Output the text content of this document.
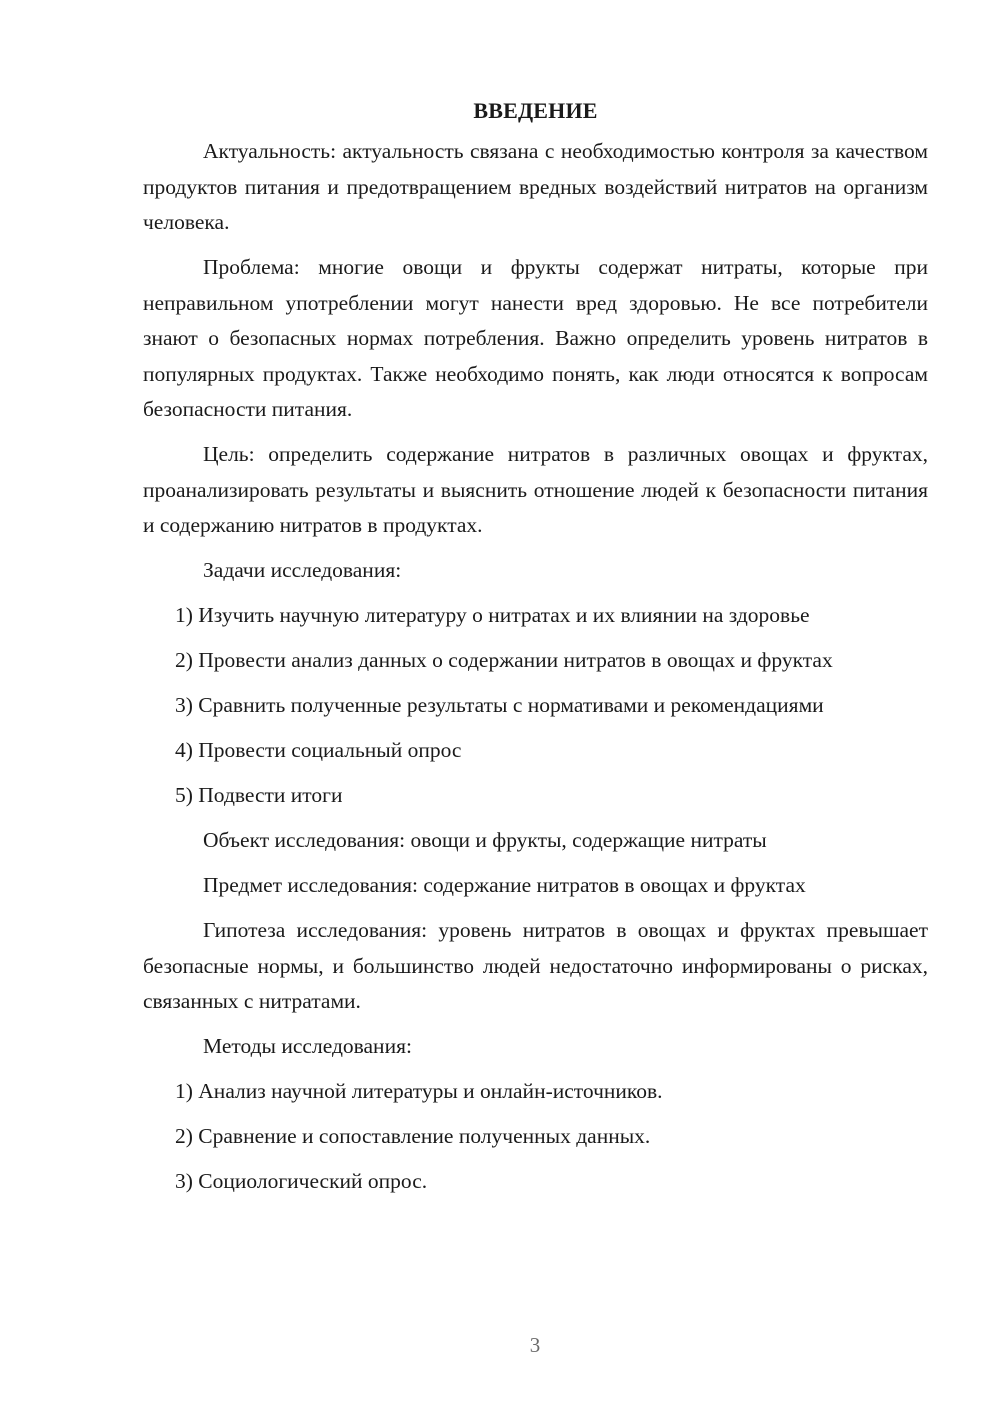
ВВЕДЕНИЕ

Актуальность: актуальность связана с необходимостью контроля за качеством продуктов питания и предотвращением вредных воздействий нитратов на организм человека.

Проблема: многие овощи и фрукты содержат нитраты, которые при неправильном употреблении могут нанести вред здоровью. Не все потребители знают о безопасных нормах потребления. Важно определить уровень нитратов в популярных продуктах. Также необходимо понять, как люди относятся к вопросам безопасности питания.

Цель: определить содержание нитратов в различных овощах и фруктах, проанализировать результаты и выяснить отношение людей к безопасности питания и содержанию нитратов в продуктах.

Задачи исследования:

1) Изучить научную литературу о нитратах и их влиянии на здоровье

2) Провести анализ данных о содержании нитратов в овощах и фруктах

3) Сравнить полученные результаты с нормативами и рекомендациями

4) Провести социальный опрос

5) Подвести итоги

Объект исследования: овощи и фрукты, содержащие нитраты

Предмет исследования: содержание нитратов в овощах и фруктах

Гипотеза исследования: уровень нитратов в овощах и фруктах превышает безопасные нормы, и большинство людей недостаточно информированы о рисках, связанных с нитратами.

Методы исследования:

1) Анализ научной литературы и онлайн-источников.

2) Сравнение и сопоставление полученных данных.

3) Социологический опрос.

3
